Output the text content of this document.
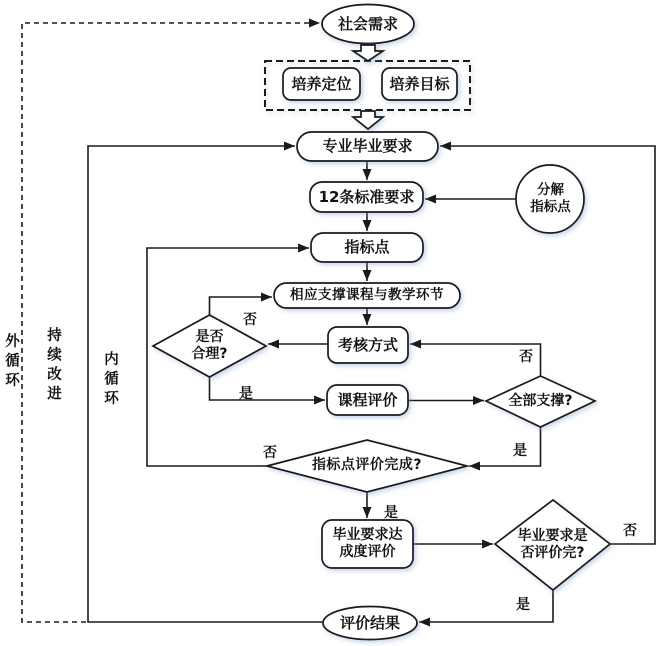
社会需求
培养定位	培养目标
专业毕业要求
12条标准要求	分解
指标点
指标点
相应支撑课程与教学环节
考核方式
是否
合理?
课程评价	全部支撑?
指标点评价完成?
毕业要求达
成度评价
毕业要求是
否评价完?
评价结果
否
是
否
是
否
是
否
是
外循环 持续改进	内循环
